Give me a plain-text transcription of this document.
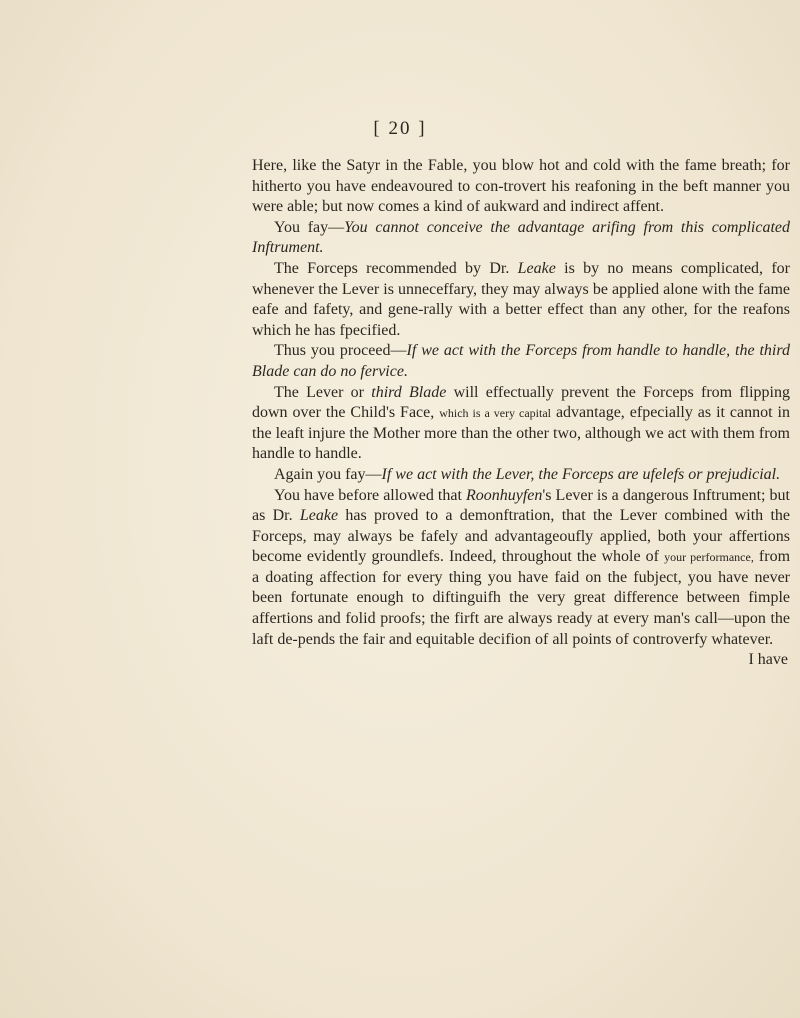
[ 20 ]

Here, like the Satyr in the Fable, you blow hot and cold with the fame breath; for hitherto you have endeavoured to con-trovert his reafoning in the beft manner you were able; but now comes a kind of aukward and indirect affent.

You fay—You cannot conceive the advantage arifing from this complicated Inftrument.

The Forceps recommended by Dr. Leake is by no means complicated, for whenever the Lever is unneceffary, they may always be applied alone with the fame eafe and fafety, and gene-rally with a better effect than any other, for the reafons which he has fpecified.

Thus you proceed—If we act with the Forceps from handle to handle, the third Blade can do no fervice.

The Lever or third Blade will effectually prevent the Forceps from flipping down over the Child's Face, which is a very capital advantage, efpecially as it cannot in the leaft injure the Mother more than the other two, although we act with them from handle to handle.

Again you fay—If we act with the Lever, the Forceps are ufelefs or prejudicial.

You have before allowed that Roonhuyfen's Lever is a dangerous Inftrument; but as Dr. Leake has proved to a demonftration, that the Lever combined with the Forceps, may always be fafely and advantageoufly applied, both your affertions become evidently groundlefs. Indeed, throughout the whole of your performance, from a doating affection for every thing you have faid on the fubject, you have never been fortunate enough to diftinguifh the very great difference between fimple affertions and folid proofs; the firft are always ready at every man's call—upon the laft de-pends the fair and equitable decifion of all points of controverfy whatever.

I have
